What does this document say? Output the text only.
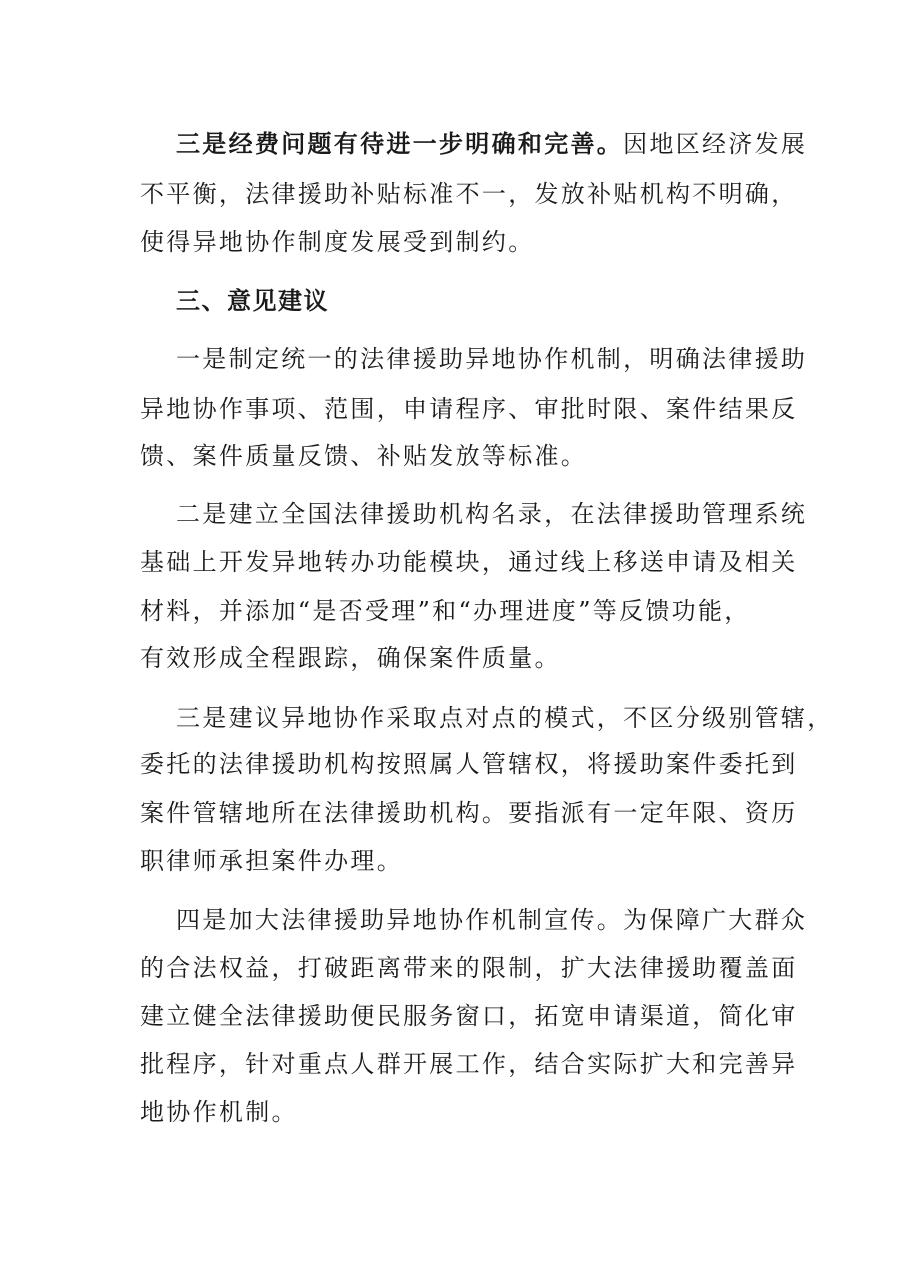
三是经费问题有待进一步明确和完善。因地区经济发展
不平衡，法律援助补贴标准不一，发放补贴机构不明确，
使得异地协作制度发展受到制约。
三、意见建议
一是制定统一的法律援助异地协作机制，明确法律援助
异地协作事项、范围，申请程序、审批时限、案件结果反
馈、案件质量反馈、补贴发放等标准。
二是建立全国法律援助机构名录，在法律援助管理系统
基础上开发异地转办功能模块，通过线上移送申请及相关
材料，并添加“是否受理”和“办理进度”等反馈功能，
有效形成全程跟踪，确保案件质量。
三是建议异地协作采取点对点的模式，不区分级别管辖，
委托的法律援助机构按照属人管辖权，将援助案件委托到
案件管辖地所在法律援助机构。要指派有一定年限、资历
职律师承担案件办理。
四是加大法律援助异地协作机制宣传。为保障广大群众
的合法权益，打破距离带来的限制，扩大法律援助覆盖面
建立健全法律援助便民服务窗口，拓宽申请渠道，简化审
批程序，针对重点人群开展工作，结合实际扩大和完善异
地协作机制。
